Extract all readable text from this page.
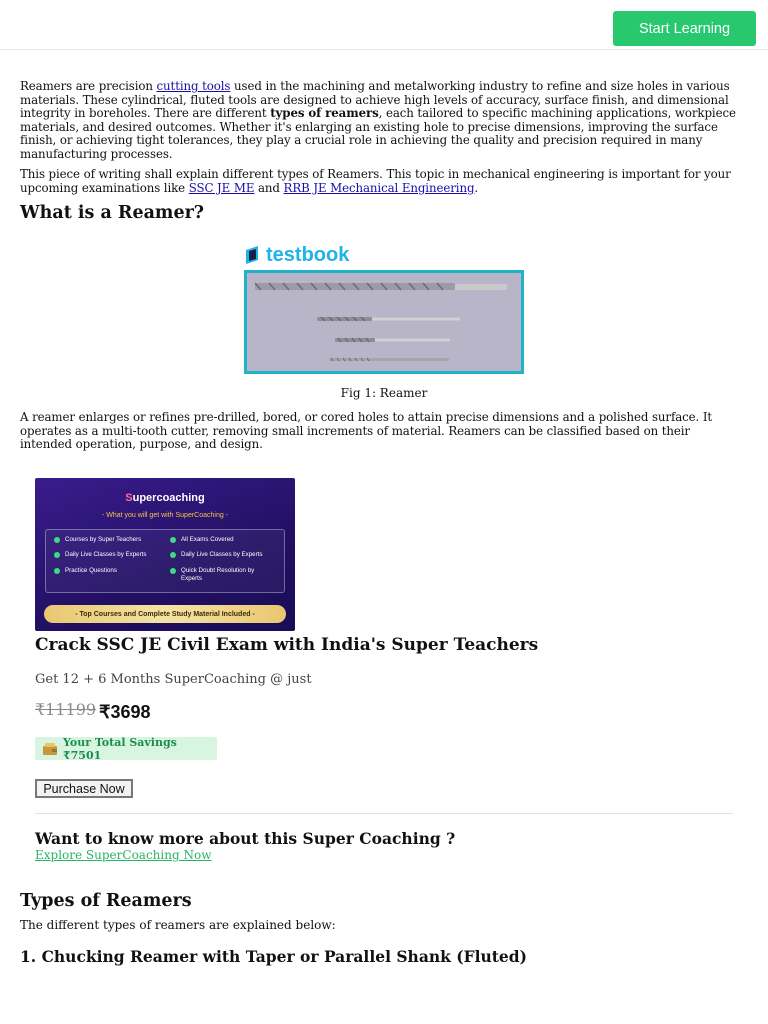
Start Learning

Reamers are precision cutting tools used in the machining and metalworking industry to refine and size holes in various materials. These cylindrical, fluted tools are designed to achieve high levels of accuracy, surface finish, and dimensional integrity in boreholes. There are different types of reamers, each tailored to specific machining applications, workpiece materials, and desired outcomes. Whether it's enlarging an existing hole to precise dimensions, improving the surface finish, or achieving tight tolerances, they play a crucial role in achieving the quality and precision required in many manufacturing processes.

This piece of writing shall explain different types of Reamers. This topic in mechanical engineering is important for your upcoming examinations like SSC JE ME and RRB JE Mechanical Engineering.

What is a Reamer?
testbook
Fig 1: Reamer

A reamer enlarges or refines pre-drilled, bored, or cored holes to attain precise dimensions and a polished surface. It operates as a multi-tooth cutter, removing small increments of material. Reamers can be classified based on their intended operation, purpose, and design.

Supercoaching
- What you will get with SuperCoaching -
Courses by Super Teachers	All Exams Covered
Daily Live Classes by Experts	Daily Live Classes by Experts
Practice Questions	Quick Doubt Resolution by Experts
- Top Courses and Complete Study Material Included -
Crack SSC JE Civil Exam with India's Super Teachers

Get 12 + 6 Months SuperCoaching @ just

₹11199 ₹3698
Your Total Savings ₹7501
Purchase Now
Want to know more about this Super Coaching ?
Explore SuperCoaching Now
Types of Reamers

The different types of reamers are explained below:

1. Chucking Reamer with Taper or Parallel Shank (Fluted)
